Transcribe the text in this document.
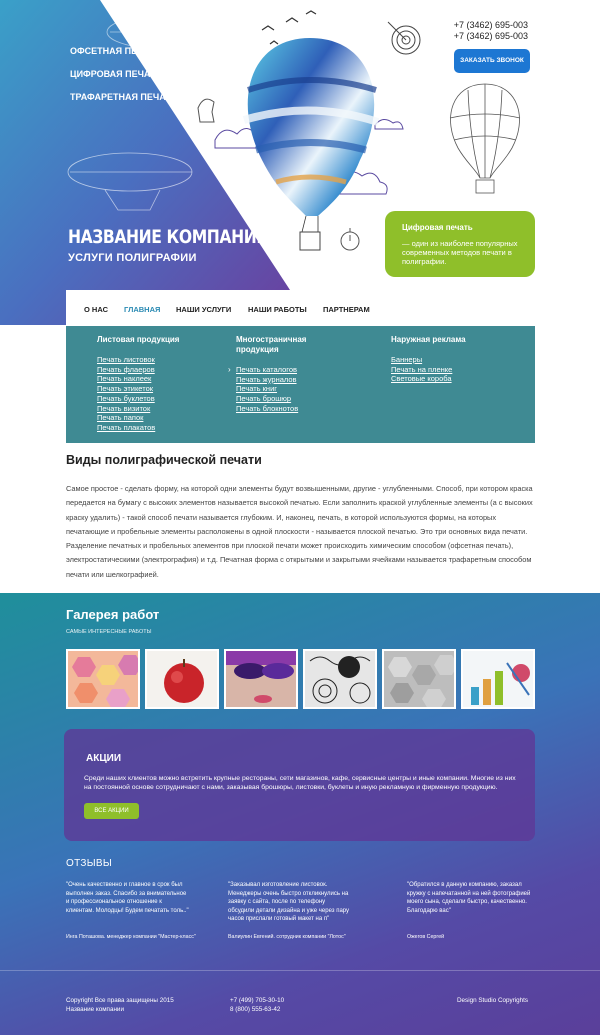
ОФСЕТНАЯ ПЕЧАТЬ
ЦИФРОВАЯ ПЕЧАТЬ
ТРАФАРЕТНАЯ ПЕЧАТЬ
НАЗВАНИЕ КОМПАНИИ
УСЛУГИ ПОЛИГРАФИИ
+7 (3462) 695-003
+7 (3462) 695-003
ЗАКАЗАТЬ ЗВОНОК
Цифровая печать
— один из наиболее популярных современных методов печати в полиграфии.
О НАС ГЛАВНАЯ НАШИ УСЛУГИ НАШИ РАБОТЫ ПАРТНЕРАМ
Листовая продукция
Печать листовок
Печать флаеров
Печать наклеек
Печать этикеток
Печать буклетов
Печать визиток
Печать папок
Печать плакатов
Многостраничная продукция
› Печать каталогов
Печать журналов
Печать книг
Печать брошюр
Печать блокнотов
Наружная реклама
Баннеры
Печать на пленке
Световые короба
Виды полиграфической печати

Самое простое - сделать форму, на которой одни элементы будут возвышенными, другие - углубленными. Способ, при котором краска передается на бумагу с высоких элементов называется высокой печатью. Если заполнить краской углубленные элементы (а с высоких краску удалить) - такой способ печати называется глубоким. И, наконец, печать, в которой используются формы, на которых печатающие и пробельные элементы расположены в одной плоскости - называется плоской печатью. Это три основных вида печати. Разделение печатных и пробельных элементов при плоской печати может происходить химическим способом (офсетная печать), электростатическими (электрография) и т.д. Печатная форма с открытыми и закрытыми ячейками называется трафаретным способом печати или шелкографией.

Галерея работ
САМЫЕ ИНТЕРЕСНЫЕ РАБОТЫ
АКЦИИ
Среди наших клиентов можно встретить крупные рестораны, сети магазинов, кафе, сервисные центры и иные компании. Многие из них на постоянной основе сотрудничают с нами, заказывая брошюры, листовки, буклеты и иную рекламную и фирменную продукцию.
ВСЕ АКЦИИ
ОТЗЫВЫ
"Очень качественно и главное в срок был выполнен заказ. Спасибо за внимательное и профессиональное отношение к клиентам. Молодцы! Будем печатать толь.."
Инга Поташова. менеджер компании "Мастер-класс"
"Заказывал изготовление листовок. Менеджеры очень быстро откликнулись на заявку с сайта, после по телефону обсудили детали дизайна и уже через пару часов прислали готовый макет на п"
Валиулин Евгений. сотрудник компании "Лотос"
"Обратился в данную компанию, заказал кружку с напечатанной на ней фотографией моего сына, сделали быстро, качественно. Благодарю вас"
Ожегов Сергей
Copyright Все права защищены 2015
Название компании
+7 (499) 705-30-10
8 (800) 555-63-42
Design Studio Copyrights
